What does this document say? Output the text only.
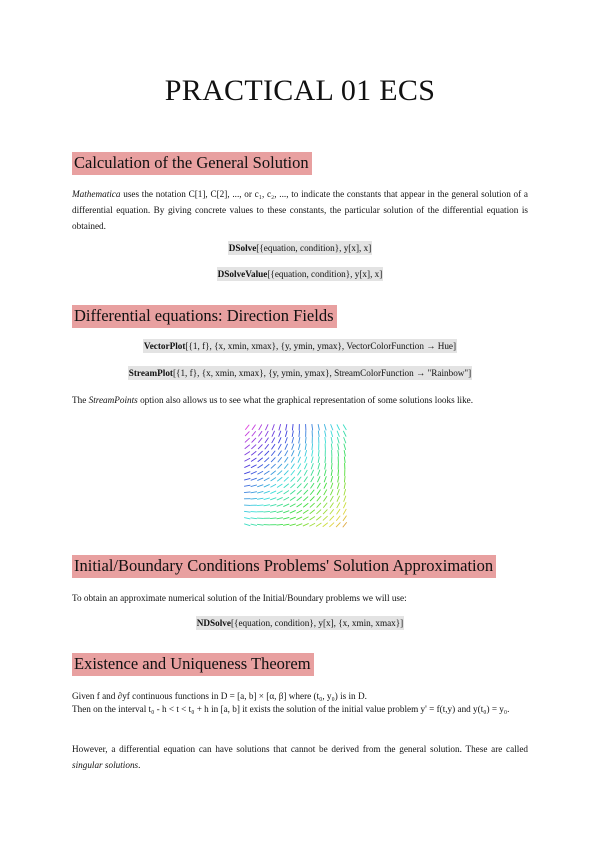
PRACTICAL 01 ECS
Calculation of the General Solution
Mathematica uses the notation C[1], C[2], ..., or c₁, c₂, ..., to indicate the constants that appear in the general solution of a differential equation. By giving concrete values to these constants, the particular solution of the differential equation is obtained.
DSolve[{equation, condition}, y[x], x]
DSolveValue[{equation, condition}, y[x], x]
Differential equations: Direction Fields
VectorPlot[{1, f}, {x, xmin, xmax}, {y, ymin, ymax}, VectorColorFunction → Hue]
StreamPlot[{1, f}, {x, xmin, xmax}, {y, ymin, ymax}, StreamColorFunction → "Rainbow"]
The StreamPoints option also allows us to see what the graphical representation of some solutions looks like.
Initial/Boundary Conditions Problems' Solution Approximation
To obtain an approximate numerical solution of the Initial/Boundary problems we will use:
NDSolve[{equation, condition}, y[x], {x, xmin, xmax}]
Existence and Uniqueness Theorem
Given f and ∂yf continuous functions in D = [a, b] × [α, β] where (t₀, y₀) is in D.
Then on the interval t₀ - h < t < t₀ + h in [a, b] it exists the solution of the initial value problem y' = f(t,y) and y(t₀) = y₀.
However, a differential equation can have solutions that cannot be derived from the general solution. These are called singular solutions.
